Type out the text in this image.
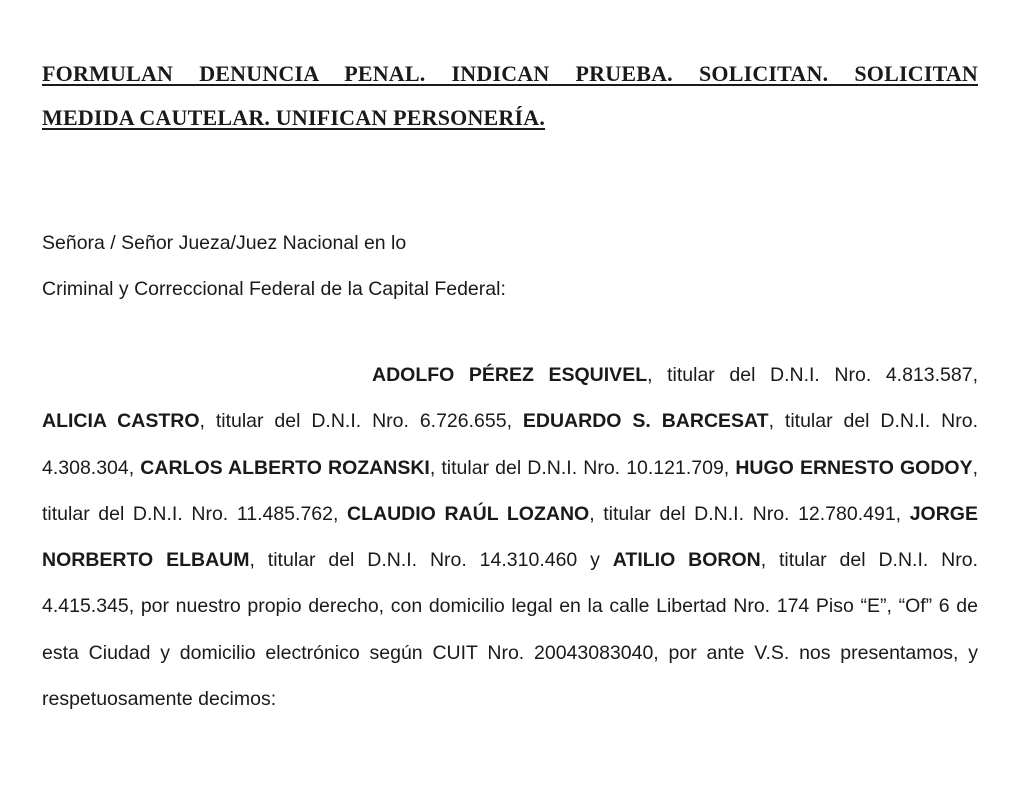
FORMULAN DENUNCIA PENAL. INDICAN PRUEBA. SOLICITAN. SOLICITAN
MEDIDA CAUTELAR. UNIFICAN PERSONERÍA.
Señora / Señor Jueza/Juez Nacional en lo
Criminal y Correccional Federal de la Capital Federal:
ADOLFO PÉREZ ESQUIVEL, titular del D.N.I. Nro. 4.813.587, ALICIA CASTRO, titular del D.N.I. Nro. 6.726.655, EDUARDO S. BARCESAT, titular del D.N.I. Nro. 4.308.304, CARLOS ALBERTO ROZANSKI, titular del D.N.I. Nro. 10.121.709, HUGO ERNESTO GODOY, titular del D.N.I. Nro. 11.485.762, CLAUDIO RAÚL LOZANO, titular del D.N.I. Nro. 12.780.491, JORGE NORBERTO ELBAUM, titular del D.N.I. Nro. 14.310.460 y ATILIO BORON, titular del D.N.I. Nro. 4.415.345, por nuestro propio derecho, con domicilio legal en la calle Libertad Nro. 174 Piso “E”, “Of” 6 de esta Ciudad y domicilio electrónico según CUIT Nro. 20043083040, por ante V.S. nos presentamos, y respetuosamente decimos:
